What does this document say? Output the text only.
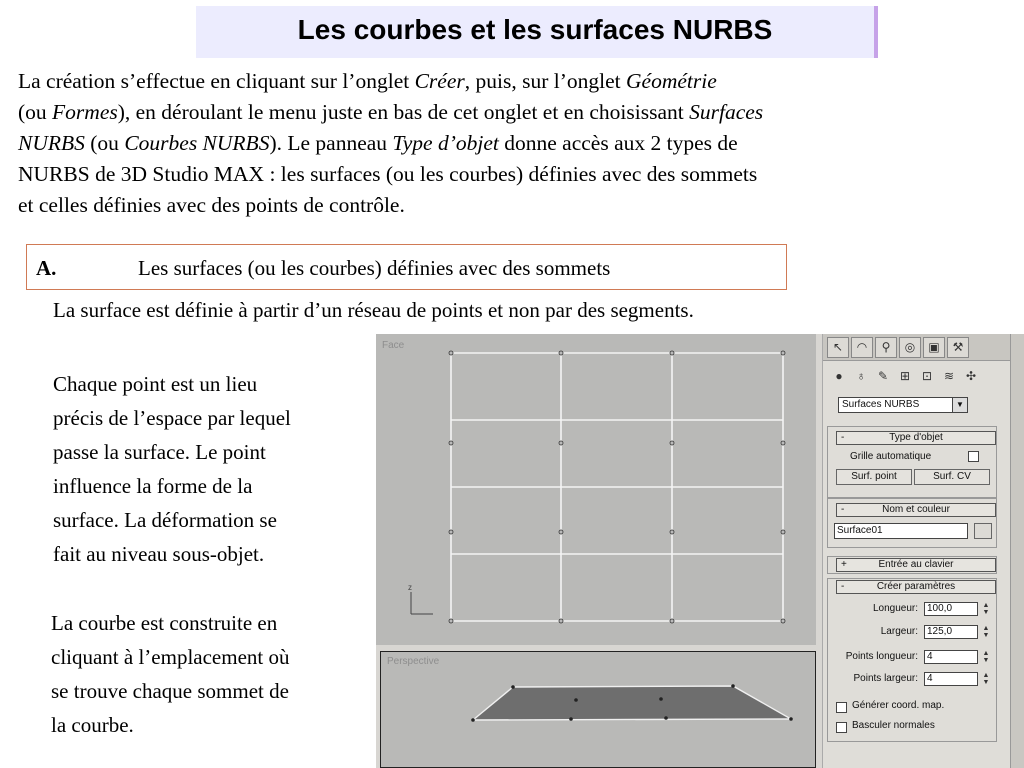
Les courbes et les surfaces NURBS
La création s’effectue en cliquant sur l’onglet Créer, puis, sur l’onglet Géométrie
(ou Formes), en déroulant le menu juste en bas de cet onglet et en choisissant Surfaces
NURBS (ou Courbes NURBS). Le panneau Type d’objet donne accès aux 2 types de
NURBS de 3D Studio MAX : les surfaces (ou les courbes) définies avec des sommets
et celles définies avec des points de contrôle.
A.	Les surfaces (ou les courbes) définies avec des sommets
La surface est définie à partir d’un réseau de points et non par des segments.
Chaque point est un lieu
précis de l’espace par lequel
passe la surface. Le point
influence la forme de la
surface. La déformation se
fait au niveau sous-objet.
La courbe est construite en
cliquant à l’emplacement où
se trouve chaque sommet de
la courbe.
Face
z
Perspective
↖	◠	⚲	◎	▣	⚒
●	♁	✎ ⊞ ⊡ ≋ ✣
Surfaces NURBS	▼
-	Type d'objet
Grille automatique
Surf. point	Surf. CV
-	Nom et couleur
Surface01
+	Entrée au clavier
-	Créer paramètres
Longueur: 100,0	▲
▼
Largeur: 125,0	▲
▼
Points longueur: 4	▲
▼
Points largeur: 4	▲
▼
Générer coord. map.
Basculer normales
